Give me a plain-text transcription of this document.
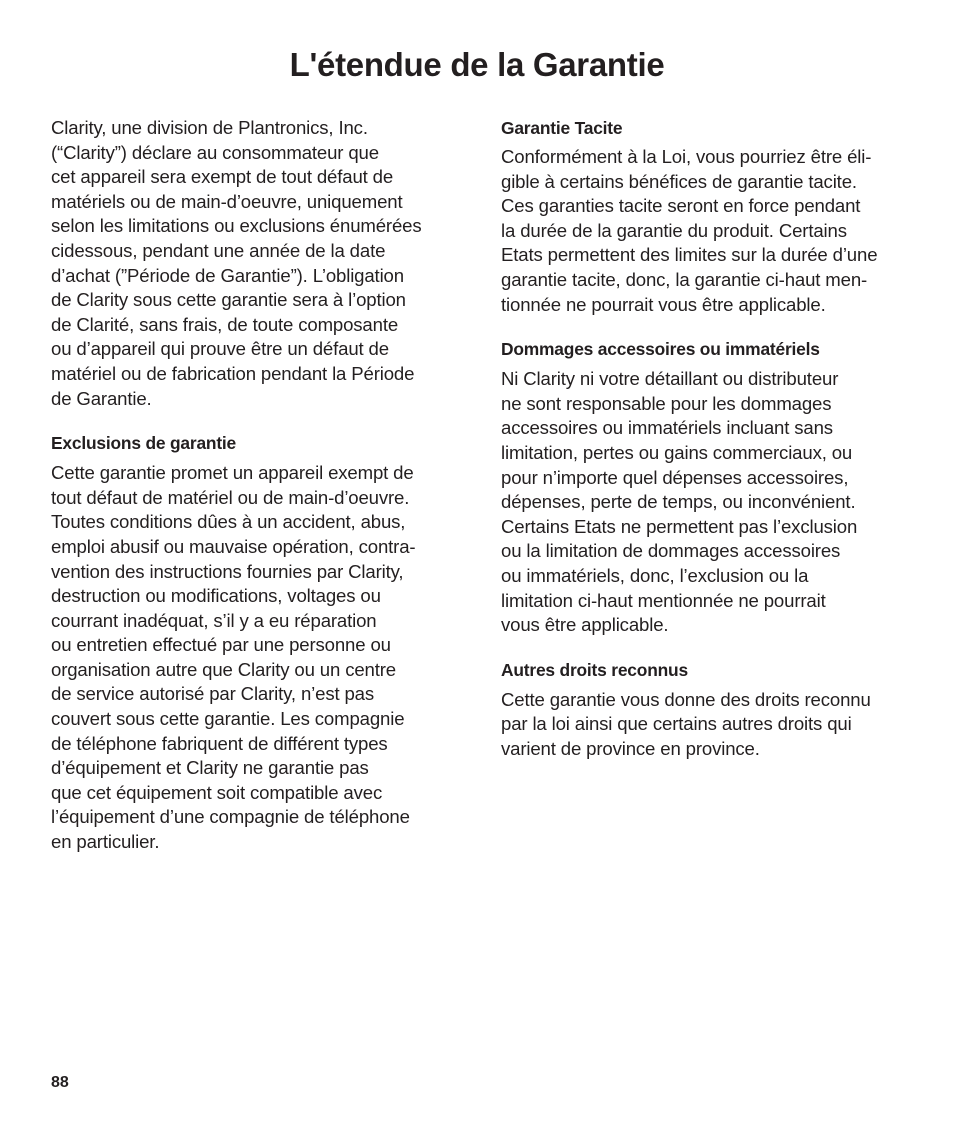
L'étendue de la Garantie

Clarity, une division de Plantronics, Inc.
(“Clarity”) déclare au consommateur que
cet appareil sera exempt de tout défaut de
matériels ou de main-d’oeuvre, uniquement
selon les limitations ou exclusions énumérées
cidessous, pendant une année de la date
d’achat (”Période de Garantie”). L’obligation
de Clarity sous cette garantie sera à l’option
de Clarité, sans frais, de toute composante
ou d’appareil qui prouve être un défaut de
matériel ou de fabrication pendant la Période
de Garantie.

Exclusions de garantie

Cette garantie promet un appareil exempt de
tout défaut de matériel ou de main-d’oeuvre.
Toutes conditions dûes à un accident, abus,
emploi abusif ou mauvaise opération, contra-
vention des instructions fournies par Clarity,
destruction ou modifications, voltages ou
courrant inadéquat, s’il y a eu réparation
ou entretien effectué par une personne ou
organisation autre que Clarity ou un centre
de service autorisé par Clarity, n’est pas
couvert sous cette garantie. Les compagnie
de téléphone fabriquent de différent types
d’équipement et Clarity ne garantie pas
que cet équipement soit compatible avec
l’équipement d’une compagnie de téléphone
en particulier.

Garantie Tacite

Conformément à la Loi, vous pourriez être éli-
gible à certains bénéfices de garantie tacite.
Ces garanties tacite seront en force pendant
la durée de la garantie du produit. Certains
Etats permettent des limites sur la durée d’une
garantie tacite, donc, la garantie ci-haut men-
tionnée ne pourrait vous être applicable.

Dommages accessoires ou immatériels

Ni Clarity ni votre détaillant ou distributeur
ne sont responsable pour les dommages
accessoires ou immatériels incluant sans
limitation, pertes ou gains commerciaux, ou
pour n’importe quel dépenses accessoires,
dépenses, perte de temps, ou inconvénient.
Certains Etats ne permettent pas l’exclusion
ou la limitation de dommages accessoires
ou immatériels, donc, l’exclusion ou la
limitation ci-haut mentionnée ne pourrait
vous être applicable.

Autres droits reconnus

Cette garantie vous donne des droits reconnu
par la loi ainsi que certains autres droits qui
varient de province en province.

88
